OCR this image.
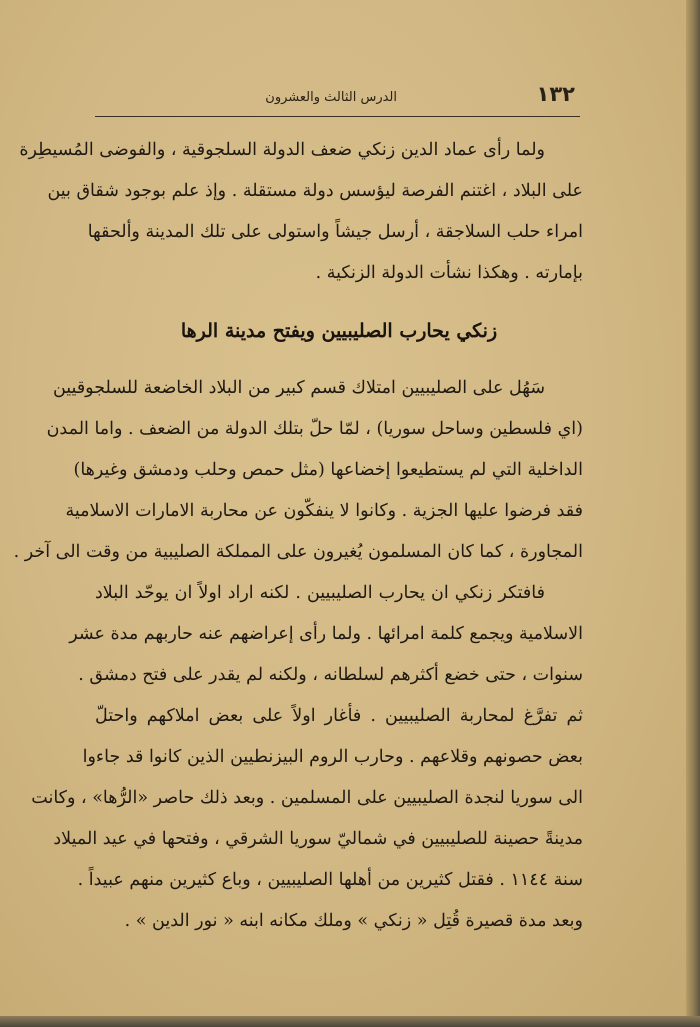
١٣٢
الدرس الثالث والعشرون
ولما رأى عماد الدين زنكي ضعف الدولة السلجوقية ، والفوضى المُسيطِرة
على البلاد ، اغتنم الفرصة ليؤسس دولة مستقلة . وإذ علم بوجود شقاق بين
امراء حلب السلاجقة ، أرسل جيشاً واستولى على تلك المدينة وألحقها
بإمارته . وهكذا نشأت الدولة الزنكية .
زنكي يحارب الصليبيين ويفتح مدينة الرها
سَهُل على الصليبيين امتلاك قسم كبير من البلاد الخاضعة للسلجوقيين
(اي فلسطين وساحل سوريا) ، لمّا حلّ بتلك الدولة من الضعف . واما المدن
الداخلية التي لم يستطيعوا إخضاعها (مثل حمص وحلب ودمشق وغيرها)
فقد فرضوا عليها الجزية . وكانوا لا ينفكّون عن محاربة الامارات الاسلامية
المجاورة ، كما كان المسلمون يُغيرون على المملكة الصليبية من وقت الى آخر .
فافتكر زنكي ان يحارب الصليبيين . لكنه اراد اولاً ان يوحّد البلاد
الاسلامية ويجمع كلمة امرائها . ولما رأى إعراضهم عنه حاربهم مدة عشر
سنوات ، حتى خضع أكثرهم لسلطانه ، ولكنه لم يقدر على فتح دمشق .
ثم تفرَّغ لمحاربة الصليبيين . فأغار اولاً على بعض املاكهم واحتلّ
بعض حصونهم وقلاعهم . وحارب الروم البيزنطيين الذين كانوا قد جاءوا
الى سوريا لنجدة الصليبيين على المسلمين . وبعد ذلك حاصر «الرُّها» ، وكانت
مدينةً حصينة للصليبيين في شماليّ سوريا الشرقي ، وفتحها في عيد الميلاد
سنة ١١٤٤ . فقتل كثيرين من أهلها الصليبيين ، وباع كثيرين منهم عبيداً .
وبعد مدة قصيرة قُتِل « زنكي » وملك مكانه ابنه « نور الدين » .
